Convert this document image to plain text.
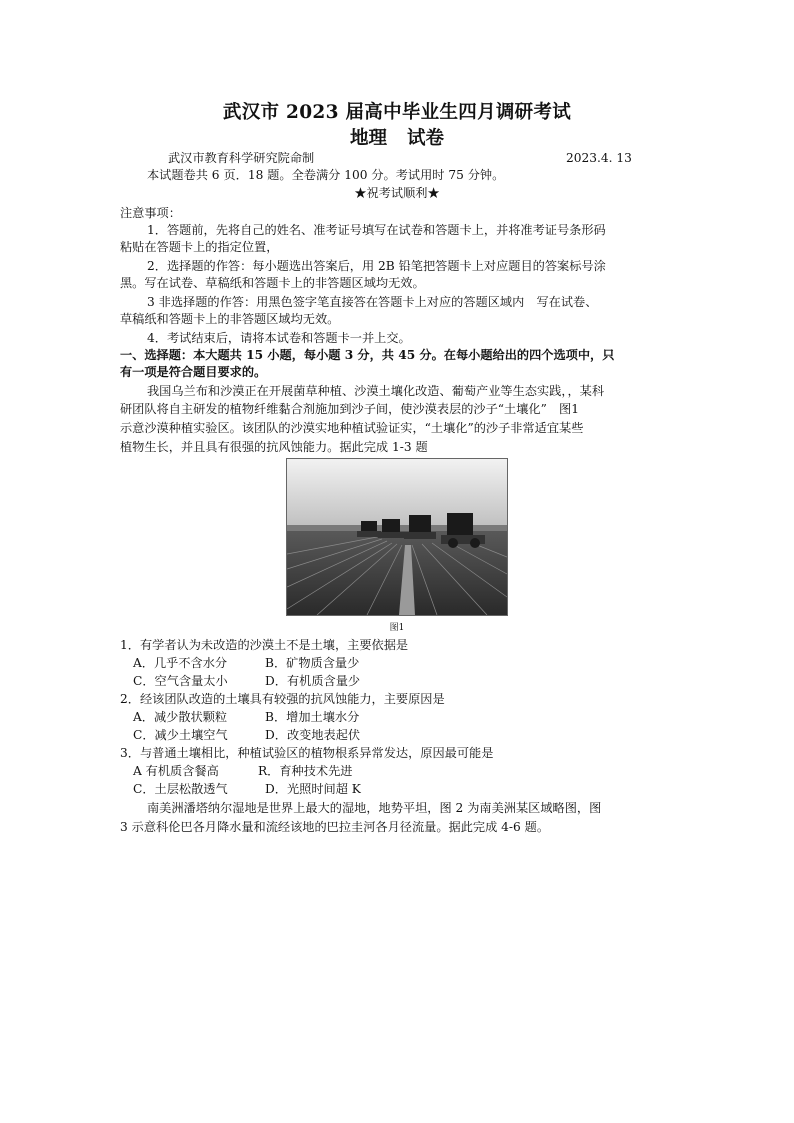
武汉市 2023 届高中毕业生四月调研考试
地理 试卷
武汉市教育科学研究院命制	2023.4. 13
本试题卷共 6 页．18 题。全卷满分 100 分。考试用时 75 分钟。
★祝考试顺利★
注意事项：
1．答题前，先将自己的姓名、准考证号填写在试卷和答题卡上，并将准考证号条形码
粘贴在答题卡上的指定位置，
2．选择题的作答：每小题选出答案后，用 2B 铅笔把答题卡上对应题目的答案标号涂
黑。写在试卷、草稿纸和答题卡上的非答题区域均无效。
3 非选择题的作答：用黑色签字笔直接答在答题卡上对应的答题区域内　写在试卷、
草稿纸和答题卡上的非答题区域均无效。
4．考试结束后，请将本试卷和答题卡一并上交。
一、选择题：本大题共 15 小题，每小题 3 分，共 45 分。在每小题给出的四个选项中，只
有一项是符合题目要求的。
我国乌兰布和沙漠正在开展菌草种植、沙漠土壤化改造、葡萄产业等生态实践，，某科
研团队将自主研发的植物纤维黏合剂施加到沙子间，使沙漠表层的沙子“土壤化”　图1
示意沙漠种植实验区。该团队的沙漠实地种植试验证实，“土壤化”的沙子非常适宜某些
植物生长，并且具有很强的抗风蚀能力。据此完成 1-3 题
图1
1．有学者认为未改造的沙漠土不是土壤，主要依据是
A．几乎不含水分	B．矿物质含量少
C．空气含量太小	D．有机质含量少
2．经该团队改造的土壤具有较强的抗风蚀能力，主要原因是
A．减少散状颗粒	B．增加土壤水分
C．减少土壤空气	D．改变地表起伏
3．与普通土壤相比，种植试验区的植物根系异常发达，原因最可能是
A 有机质含餐高	R．育种技术先进
C．土层松散透气	D．光照时间超 K
南美洲潘塔纳尔湿地是世界上最大的湿地，地势平坦，图 2 为南美洲某区域略图，图
3 示意科伦巴各月降水量和流经该地的巴拉圭河各月径流量。据此完成 4-6 题。
